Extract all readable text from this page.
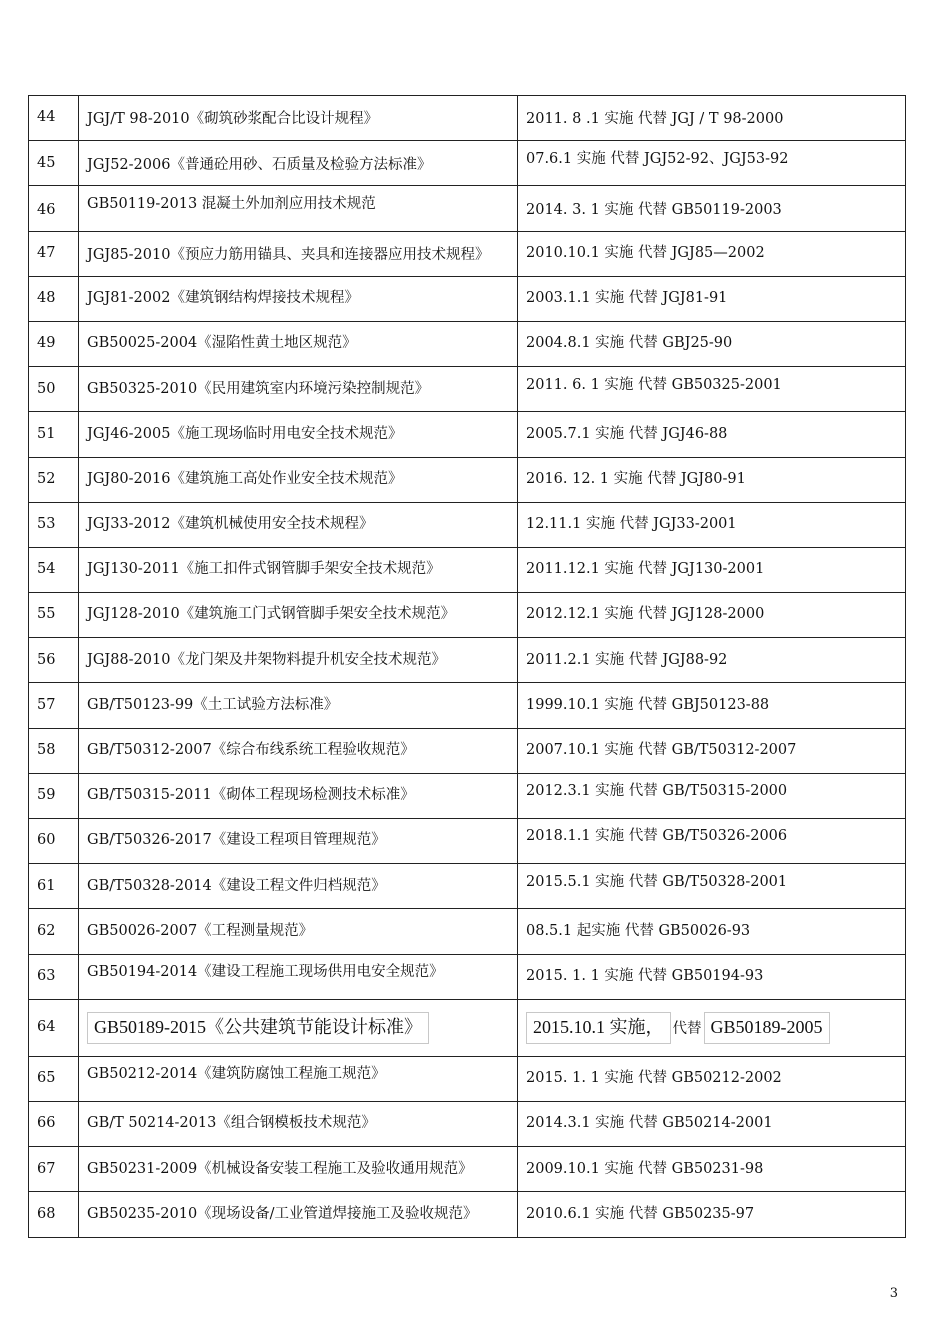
44	JGJ/T 98-2010《砌筑砂浆配合比设计规程》	2011. 8 .1 实施 代替 JGJ / T 98-2000
45	JGJ52-2006《普通砼用砂、石质量及检验方法标准》	07.6.1 实施 代替 JGJ52-92、JGJ53-92
46	GB50119-2013 混凝土外加剂应用技术规范	2014. 3. 1 实施 代替 GB50119-2003
47	JGJ85-2010《预应力筋用锚具、夹具和连接器应用技术规程》	2010.10.1 实施 代替 JGJ85—2002
48	JGJ81-2002《建筑钢结构焊接技术规程》	2003.1.1 实施 代替 JGJ81-91
49	GB50025-2004《湿陷性黄土地区规范》	2004.8.1 实施 代替 GBJ25-90
50	GB50325-2010《民用建筑室内环境污染控制规范》	2011. 6. 1 实施 代替 GB50325-2001
51	JGJ46-2005《施工现场临时用电安全技术规范》	2005.7.1 实施 代替 JGJ46-88
52	JGJ80-2016《建筑施工高处作业安全技术规范》	2016. 12. 1 实施 代替 JGJ80-91
53	JGJ33-2012《建筑机械使用安全技术规程》	12.11.1 实施 代替 JGJ33-2001
54	JGJ130-2011《施工扣件式钢管脚手架安全技术规范》	2011.12.1 实施 代替 JGJ130-2001
55	JGJ128-2010《建筑施工门式钢管脚手架安全技术规范》	2012.12.1 实施 代替 JGJ128-2000
56	JGJ88-2010《龙门架及井架物料提升机安全技术规范》	2011.2.1 实施 代替 JGJ88-92
57	GB/T50123-99《土工试验方法标准》	1999.10.1 实施 代替 GBJ50123-88
58	GB/T50312-2007《综合布线系统工程验收规范》	2007.10.1 实施 代替 GB/T50312-2007
59	GB/T50315-2011《砌体工程现场检测技术标准》	2012.3.1 实施 代替 GB/T50315-2000
60	GB/T50326-2017《建设工程项目管理规范》	2018.1.1 实施 代替 GB/T50326-2006
61	GB/T50328-2014《建设工程文件归档规范》	2015.5.1 实施 代替 GB/T50328-2001
62	GB50026-2007《工程测量规范》	08.5.1 起实施 代替 GB50026-93
63	GB50194-2014《建设工程施工现场供用电安全规范》	2015. 1. 1 实施 代替 GB50194-93
64	GB50189-2015《公共建筑节能设计标准》	2015.10.1 实施， 代替 GB50189-2005
65	GB50212-2014《建筑防腐蚀工程施工规范》	2015. 1. 1 实施 代替 GB50212-2002
66	GB/T 50214-2013《组合钢模板技术规范》	2014.3.1 实施 代替 GB50214-2001
67	GB50231-2009《机械设备安装工程施工及验收通用规范》	2009.10.1 实施 代替 GB50231-98
68	GB50235-2010《现场设备/工业管道焊接施工及验收规范》	2010.6.1 实施 代替 GB50235-97
3
